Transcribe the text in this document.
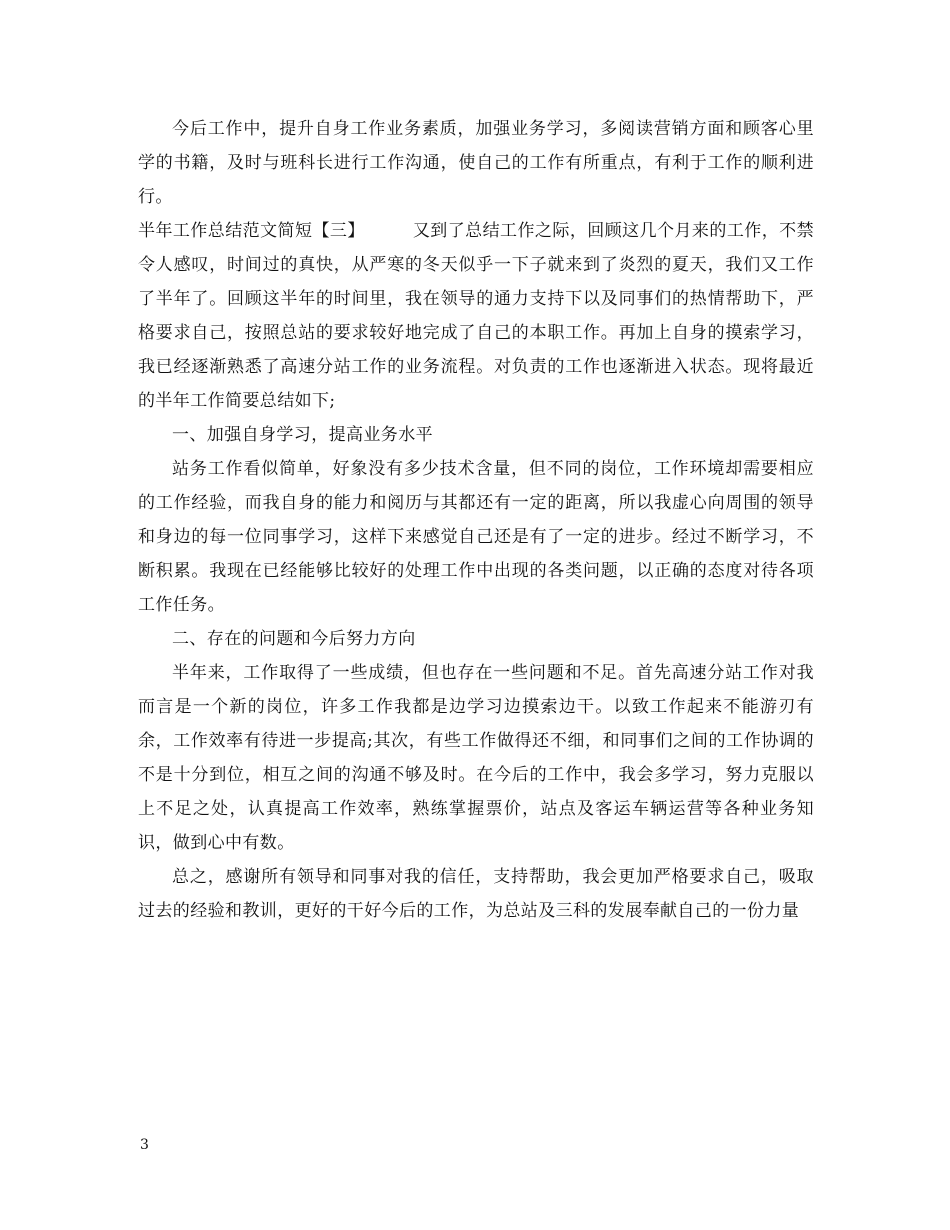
今后工作中，提升自身工作业务素质，加强业务学习，多阅读营销方面和顾客心里学的书籍，及时与班科长进行工作沟通，使自己的工作有所重点，有利于工作的顺利进行。

半年工作总结范文简短【三】	又到了总结工作之际，回顾这几个月来的工作，不禁令人感叹，时间过的真快，从严寒的冬天似乎一下子就来到了炎烈的夏天，我们又工作了半年了。回顾这半年的时间里，我在领导的通力支持下以及同事们的热情帮助下，严格要求自己，按照总站的要求较好地完成了自己的本职工作。再加上自身的摸索学习，我已经逐渐熟悉了高速分站工作的业务流程。对负责的工作也逐渐进入状态。现将最近的半年工作简要总结如下;

一、加强自身学习，提高业务水平

站务工作看似简单，好象没有多少技术含量，但不同的岗位，工作环境却需要相应的工作经验，而我自身的能力和阅历与其都还有一定的距离，所以我虚心向周围的领导和身边的每一位同事学习，这样下来感觉自己还是有了一定的进步。经过不断学习，不断积累。我现在已经能够比较好的处理工作中出现的各类问题，以正确的态度对待各项工作任务。

二、存在的问题和今后努力方向

半年来，工作取得了一些成绩，但也存在一些问题和不足。首先高速分站工作对我而言是一个新的岗位，许多工作我都是边学习边摸索边干。以致工作起来不能游刃有余，工作效率有待进一步提高;其次，有些工作做得还不细，和同事们之间的工作协调的不是十分到位，相互之间的沟通不够及时。在今后的工作中，我会多学习，努力克服以上不足之处，认真提高工作效率，熟练掌握票价，站点及客运车辆运营等各种业务知识，做到心中有数。

总之，感谢所有领导和同事对我的信任，支持帮助，我会更加严格要求自己，吸取过去的经验和教训，更好的干好今后的工作，为总站及三科的发展奉献自己的一份力量

3
